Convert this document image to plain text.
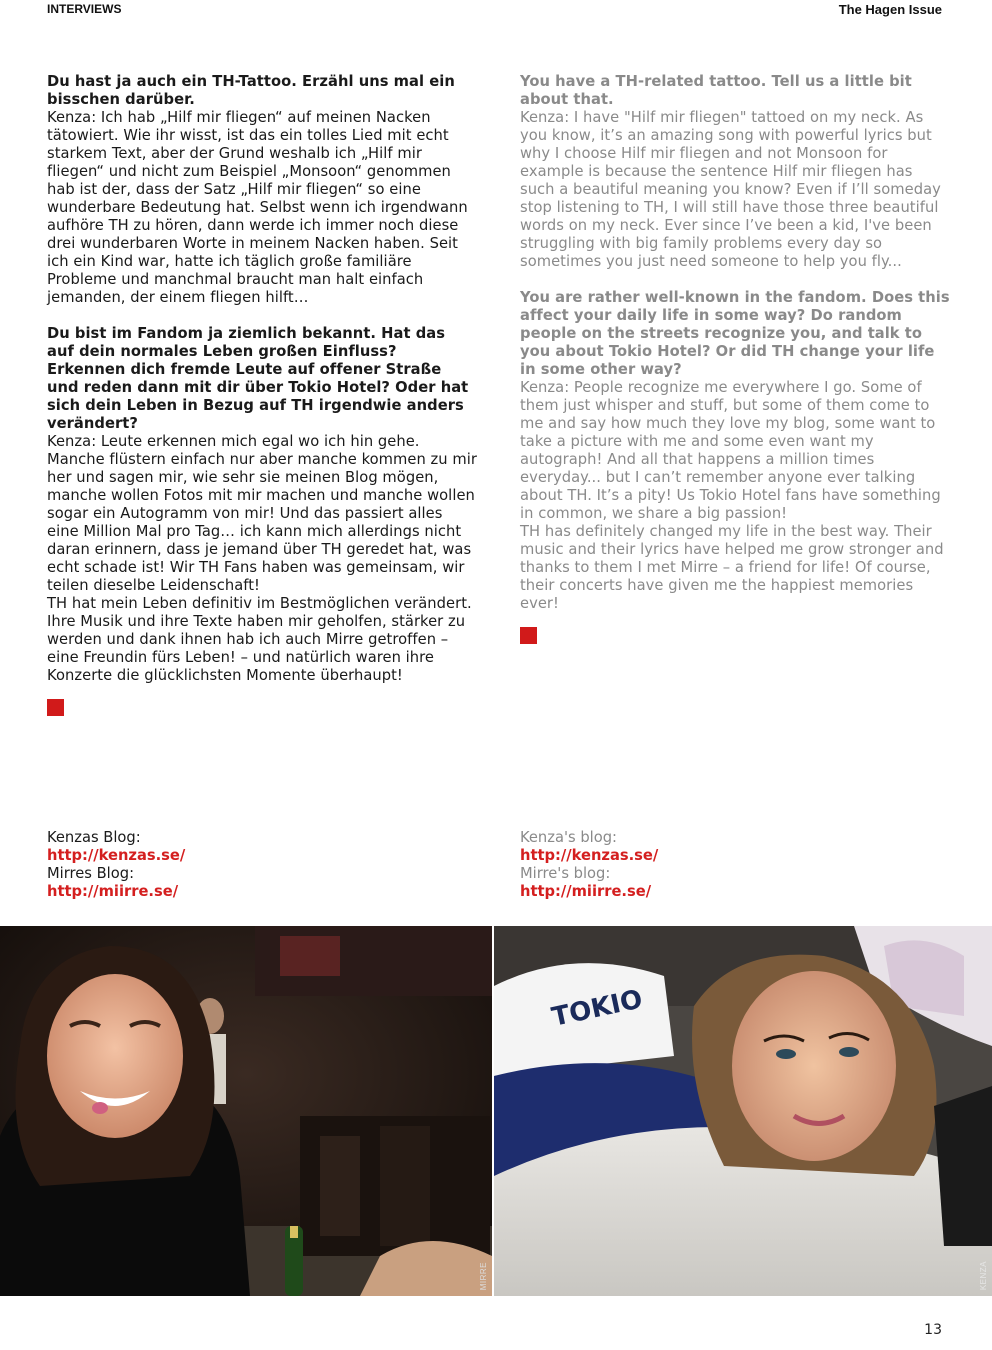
INTERVIEWS	The Hagen Issue

Du hast ja auch ein TH-Tattoo. Erzähl uns mal ein bisschen darüber.

Kenza: Ich hab „Hilf mir fliegen“ auf meinen Nacken tätowiert. Wie ihr wisst, ist das ein tolles Lied mit echt starkem Text, aber der Grund weshalb ich „Hilf mir fliegen“ und nicht zum Beispiel „Monsoon“ genommen hab ist der, dass der Satz „Hilf mir fliegen“ so eine wunderbare Bedeutung hat. Selbst wenn ich irgendwann aufhöre TH zu hören, dann werde ich immer noch diese drei wunderbaren Worte in meinem Nacken haben. Seit ich ein Kind war, hatte ich täglich große familiäre Probleme und manchmal braucht man halt einfach jemanden, der einem fliegen hilft…

Du bist im Fandom ja ziemlich bekannt. Hat das auf dein normales Leben großen Einfluss? Erkennen dich fremde Leute auf offener Straße und reden dann mit dir über Tokio Hotel? Oder hat sich dein Leben in Bezug auf TH irgendwie anders verändert?

Kenza: Leute erkennen mich egal wo ich hin gehe. Manche flüstern einfach nur aber manche kommen zu mir her und sagen mir, wie sehr sie meinen Blog mögen, manche wollen Fotos mit mir machen und manche wollen sogar ein Autogramm von mir! Und das passiert alles eine Million Mal pro Tag… ich kann mich allerdings nicht daran erinnern, dass je jemand über TH geredet hat, was echt schade ist! Wir TH Fans haben was gemeinsam, wir teilen dieselbe Leidenschaft!

TH hat mein Leben definitiv im Bestmöglichen verändert. Ihre Musik und ihre Texte haben mir geholfen, stärker zu werden und dank ihnen hab ich auch Mirre getroffen – eine Freundin fürs Leben! – und natürlich waren ihre Konzerte die glücklichsten Momente überhaupt!

You have a TH-related tattoo. Tell us a little bit about that.

Kenza: I have "Hilf mir fliegen" tattoed on my neck. As you know, it’s an amazing song with powerful lyrics but why I choose Hilf mir fliegen and not Monsoon for example is because the sentence Hilf mir fliegen has such a beautiful meaning you know? Even if I’ll someday stop listening to TH, I will still have those three beautiful words on my neck. Ever since I’ve been a kid, I've been struggling with big family problems every day so sometimes you just need someone to help you fly...

You are rather well-known in the fandom. Does this affect your daily life in some way? Do random people on the streets recognize you, and talk to you about Tokio Hotel? Or did TH change your life in some other way?

Kenza: People recognize me everywhere I go. Some of them just whisper and stuff, but some of them come to me and say how much they love my blog, some want to take a picture with me and some even want my autograph! And all that happens a million times everyday... but I can’t remember anyone ever talking about TH. It’s a pity! Us Tokio Hotel fans have something in common, we share a big passion!

TH has definitely changed my life in the best way. Their music and their lyrics have helped me grow stronger and thanks to them I met Mirre – a friend for life! Of course, their concerts have given me the happiest memories ever!

Kenzas Blog:
http://kenzas.se/
Mirres Blog:
http://miirre.se/
Kenza's blog:
http://kenzas.se/
Mirre's blog:
http://miirre.se/
MIRRE
TOKIO
KENZA
13
